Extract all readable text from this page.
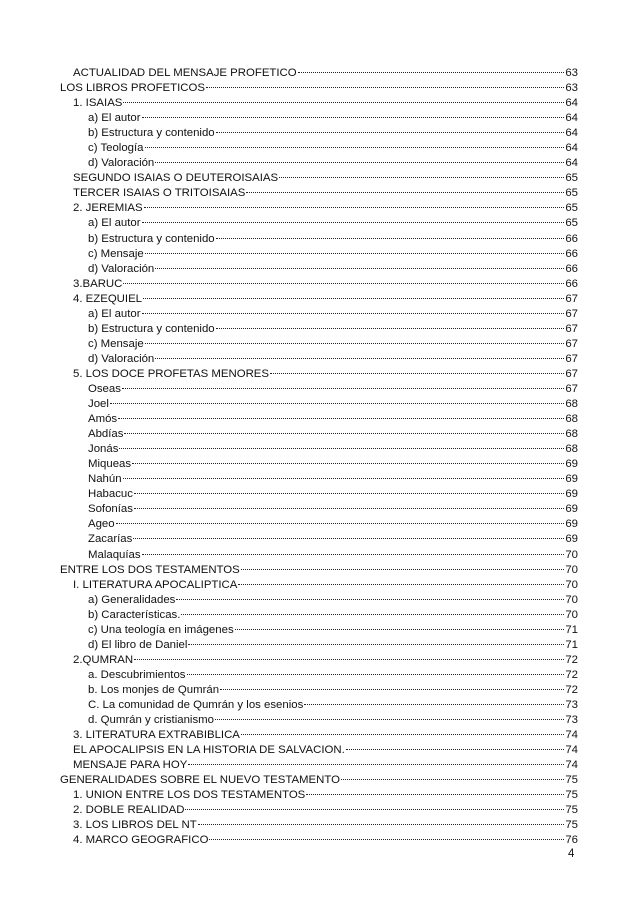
ACTUALIDAD DEL MENSAJE PROFETICO	63
LOS LIBROS PROFETICOS	63
1. ISAIAS	64
a) El autor	64
b) Estructura y contenido	64
c) Teología	64
d) Valoración	64
SEGUNDO ISAIAS O DEUTEROISAIAS	65
TERCER ISAIAS O TRITOISAIAS	65
2. JEREMIAS	65
a) El autor	65
b) Estructura y contenido	66
c) Mensaje	66
d) Valoración	66
3.BARUC	66
4. EZEQUIEL	67
a) El autor	67
b) Estructura y contenido	67
c) Mensaje	67
d) Valoración	67
5. LOS DOCE PROFETAS MENORES	67
Oseas	67
Joel	68
Amós	68
Abdías	68
Jonás	68
Miqueas	69
Nahún	69
Habacuc	69
Sofonías	69
Ageo	69
Zacarías	69
Malaquías	70
ENTRE LOS DOS TESTAMENTOS	70
I. LITERATURA APOCALIPTICA	70
a) Generalidades	70
b) Características.	70
c) Una teología en imágenes	71
d) El libro de Daniel	71
2.QUMRAN	72
a. Descubrimientos	72
b. Los monjes de Qumrán	72
C. La comunidad de Qumrán y los esenios	73
d. Qumrán y cristianismo	73
3. LITERATURA EXTRABIBLICA	74
EL APOCALIPSIS EN LA HISTORIA DE SALVACION.	74
MENSAJE PARA HOY	74
GENERALIDADES SOBRE EL NUEVO TESTAMENTO	75
1. UNION ENTRE LOS DOS TESTAMENTOS	75
2. DOBLE REALIDAD	75
3. LOS LIBROS DEL NT	75
4. MARCO GEOGRAFICO	76
4
